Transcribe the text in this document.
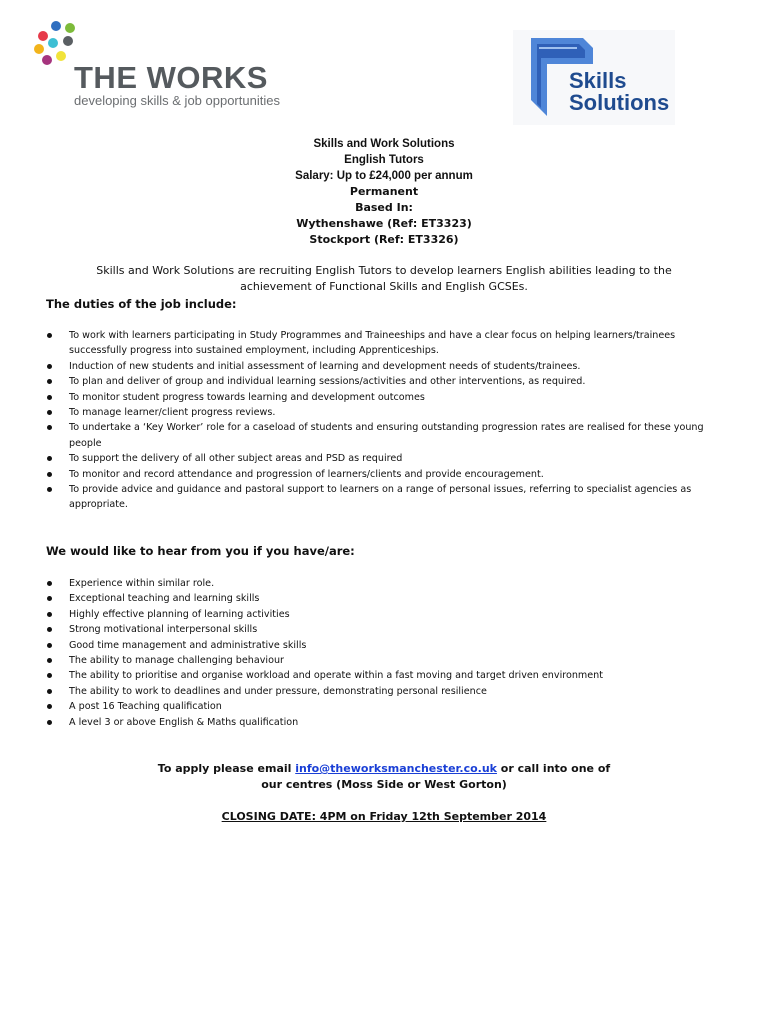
THE WORKS
developing skills & job opportunities
Skills
Solutions
Skills and Work Solutions
English Tutors
Salary: Up to £24,000 per annum
Permanent
Based In:
Wythenshawe (Ref: ET3323)
Stockport (Ref: ET3326)
Skills and Work Solutions are recruiting English Tutors to develop learners English abilities leading to the
achievement of Functional Skills and English GCSEs.
The duties of the job include:
To work with learners participating in Study Programmes and Traineeships and have a clear focus on helping learners/trainees successfully progress into sustained employment, including Apprenticeships.
Induction of new students and initial assessment of learning and development needs of students/trainees.
To plan and deliver of group and individual learning sessions/activities and other interventions, as required.
To monitor student progress towards learning and development outcomes
To manage learner/client progress reviews.
To undertake a ‘Key Worker’ role for a caseload of students and ensuring outstanding progression rates are realised for these young people
To support the delivery of all other subject areas and PSD as required
To monitor and record attendance and progression of learners/clients and provide encouragement.
To provide advice and guidance and pastoral support to learners on a range of personal issues, referring to specialist agencies as appropriate.
We would like to hear from you if you have/are:
Experience within similar role.
Exceptional teaching and learning skills
Highly effective planning of learning activities
Strong motivational interpersonal skills
Good time management and administrative skills
The ability to manage challenging behaviour
The ability to prioritise and organise workload and operate within a fast moving and target driven environment
The ability to work to deadlines and under pressure, demonstrating personal resilience
A post 16 Teaching qualification
A level 3 or above English & Maths qualification
To apply please email info@theworksmanchester.co.uk or call into one of
our centres (Moss Side or West Gorton)
CLOSING DATE: 4PM on Friday 12th September 2014
